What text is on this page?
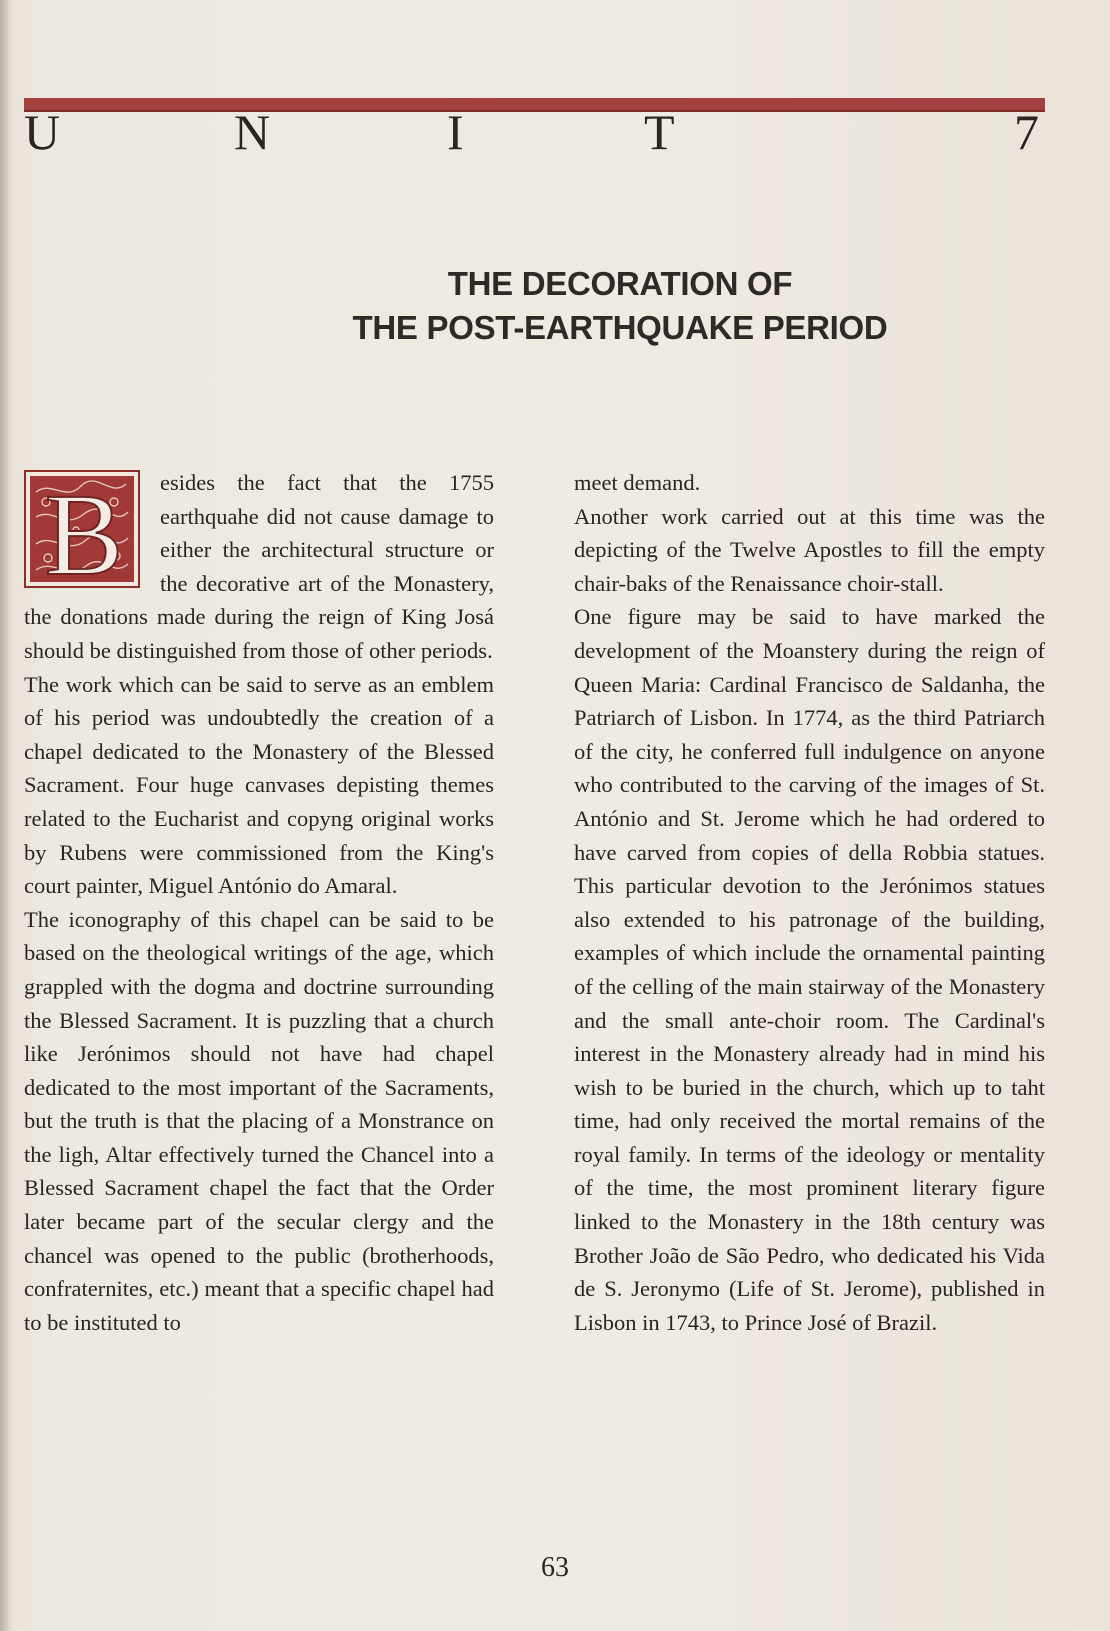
U	N	I	T	7
THE DECORATION OF
THE POST-EARTHQUAKE PERIOD
B	esides the fact that the 1755 earthquahe did not cause damage to either the architectural structure or the decorative art of the Monastery, the donations made during the reign of King Josá should be distinguished from those of other periods.

The work which can be said to serve as an emblem of his period was undoubtedly the creation of a chapel dedicated to the Monastery of the Blessed Sacrament. Four huge canvases depisting themes related to the Eucharist and copyng original works by Rubens were commissioned from the King's court painter, Miguel António do Amaral.

The iconography of this chapel can be said to be based on the theological writings of the age, which grappled with the dogma and doctrine surrounding the Blessed Sacrament. It is puzzling that a church like Jerónimos should not have had chapel dedicated to the most important of the Sacraments, but the truth is that the placing of a Monstrance on the ligh, Altar effectively turned the Chancel into a Blessed Sacrament chapel the fact that the Order later became part of the secular clergy and the chancel was opened to the public (brotherhoods, confraternites, etc.) meant that a specific chapel had to be instituted to

meet demand.

Another work carried out at this time was the depicting of the Twelve Apostles to fill the empty chair-baks of the Renaissance choir-stall.

One figure may be said to have marked the development of the Moanstery during the reign of Queen Maria: Cardinal Francisco de Saldanha, the Patriarch of Lisbon. In 1774, as the third Patriarch of the city, he conferred full indulgence on anyone who contributed to the carving of the images of St. António and St. Jerome which he had ordered to have carved from copies of della Robbia statues. This particular devotion to the Jerónimos statues also extended to his patronage of the building, examples of which include the ornamental painting of the celling of the main stairway of the Monastery and the small ante-choir room. The Cardinal's interest in the Monastery already had in mind his wish to be buried in the church, which up to taht time, had only received the mortal remains of the royal family. In terms of the ideology or mentality of the time, the most prominent literary figure linked to the Monastery in the 18th century was Brother João de São Pedro, who dedicated his Vida de S. Jeronymo (Life of St. Jerome), published in Lisbon in 1743, to Prince José of Brazil.

63
